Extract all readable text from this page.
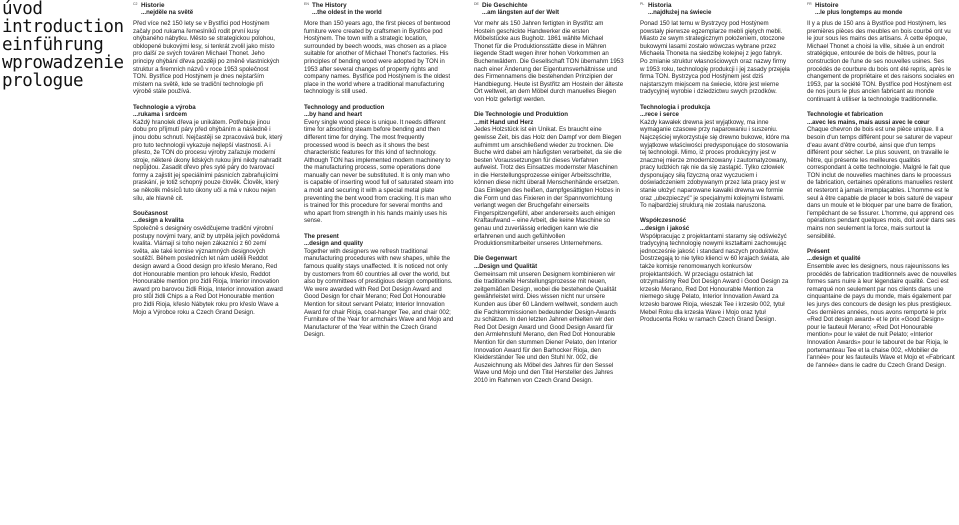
úvod
introduction
einführung
wprowadzenie
prologue
C2 Historie
...nejděle na světě

Před více než 150 lety se v Bystřici pod Hostýnem začaly pod rukama řemeslníků rodit první kusy ohýbaného nábytku. Město se strategickou polohou, obklopené bukovými lesy, si tenkrát zvolil jako místo pro další ze svých továren Michael Thonet. Jeho principy ohýbání dřeva později po změně vlastnických struktur a firemních názvů v roce 1953 společnost TON. Bystřice pod Hostýnem je dnes nejstarším místem na světě, kde se tradiční technologie při výrobě stále používá.

Technologie a výroba
...rukama i srdcem

Každý hranolek dřeva je unikátem. Potřebuje jinou dobu pro příjmutí páry před ohýbáním a následně i jinou dobu schnutí. Nejčastěji se zpracovává buk, který pro tuto technologii vykazuje nejlepší vlastnosti. A i přesto, že TON do procesu výroby zařazuje moderní stroje, některé úkony lidských rukou jimi nikdy nahradit nepůjdou. Zasadit dřevo přes syté páry do tvarovací formy a zajistit jej speciálními pásnicích zabraňujícími praskání, je totiž schopný pouze člověk. Člověk, který se několik měsíců tuto úkony učí a má v rukou nejen sílu, ale hlavně cit.

Současnost
...design a kvalita

Společně s designéry osvědčujeme tradiční výrobní postupy novými tvary, aniž by utrpěla jejich povědomá kvalita. Vlámají si toho nejen zákazníci z 60 zemí světa, ale také komise významných designových soutěží. Během posledních let nám udělili Reddot design award a Good design pro křeslo Merano, Red dot Honourable mention pro lehouk křeslo, Reddot Honourable mention pro židli Rioja, Interior innovation award pro barovou židli Rioja, Interior innovation award pro stůl židli Chips a a Red Dot Honourable mention pro židli Rioja, křeslo Nábytek roku pro křeslo Wave a Mojo a Výrobce roku a Czech Grand Design.

EN The History
...the oldest in the world

More than 150 years ago, the first pieces of bentwood furniture were created by craftsmen in Bystřice pod Hostýnem. The town with a strategic location, surrounded by beech woods, was chosen as a place suitable for another of Michael Thonet's factories. His principles of bending wood were adopted by TON in 1953 after several changes of property rights and company names. Bystřice pod Hostýnem is the oldest place in the world where a traditional manufacturing technology is still used.

Technology and production
...by hand and heart

Every single wood piece is unique. It needs different time for absorbing steam before bending and then different time for drying. The most frequently processed wood is beech as it shows the best characteristic features for this kind of technology. Although TON has implemented modern machinery to the manufacturing process, some operations done manually can never be substituted. It is only man who is capable of inserting wood full of saturated steam into a mold and securing it with a special metal plate preventing the bent wood from cracking. It is man who is trained for this procedure for several months and who apart from strength in his hands mainly uses his sense.

The present
...design and quality

Together with designers we refresh traditional manufacturing procedures with new shapes, while the famous quality stays unaffected. It is noticed not only by customers from 60 countries all over the world, but also by committees of prestigious design competitions. We were awarded with Red Dot Design Award and Good Design for chair Merano; Red Dot Honourable Mention for sitout servant Pelato; Interior Innovation Award for chair Rioja, coat-hanger Tee, and chair 002; Furniture of the Year for armchairs Wave and Mojo and Manufacturer of the Year within the Czech Grand Design.

DE Die Geschichte
...am längsten auf der Welt

Vor mehr als 150 Jahren fertigten in Bystřitz am Hostein geschickte Handwerker die ersten Möbelstücke aus Bugholz. 1861 wählte Michael Thonet für die Produktionsstätte diese in Mähren liegende Stadt wegen ihrer hohen Vorkommen an Buchenwäldern. Die Gesellschaft TON übernahm 1953 nach einer Änderung der Eigentumsverhältnisse und des Firmennamens die bestehenden Prinzipien der Handbiegung. Heute ist Bystřitz am Hostein der älteste Ort weltweit, an dem Möbel durch manuelles Biegen von Holz gefertigt werden.

Die Technologie und Produktion
...mit Hand und Herz

Jedes Holzstück ist ein Unikat. Es braucht eine gewisse Zeit, bis das Holz den Dampf vor dem Biegen aufnimmt um anschließend wieder zu trocknen. Die Buche wird dabei am häufigsten verarbeitet, da sie die besten Voraussetzungen für dieses Verfahren aufweist. Trotz des Einsatzes modernster Maschinen in die Herstellungsprozesse einiger Arbeitsschritte, können diese nicht überall Menschenhände ersetzen. Das Einlegen des heißen, dampfgesättigten Holzes in die Form und das Fixieren in der Spannvorrichtung verlangt wegen der Bruchgefahr einerseits Fingerspitzengefühl, aber andererseits auch einigen Kraftaufwand – eine Arbeit, die keine Maschine so genau und zuverlässig erledigen kann wie die erfahrenen und auch gefühlvollen Produktionsmitarbeiter unseres Unternehmens.

Die Gegenwart
...Design und Qualität

Gemeinsam mit unseren Designern kombinieren wir die traditionelle Herstellungsprozesse mit neuen, zeitgemäßen Design, wobei die bestehende Qualität gewährleistet wird. Dies wissen nicht nur unsere Kunden aus über 60 Ländern weltweit, sondern auch die Fachkommissionen bedeutender Design-Awards zu schätzen. In den letzten Jahren erhielten wir den Red Dot Design Award und Good Design Award für den Armlehnstuhl Merano, den Red Dot Honourable Mention für den stummen Diener Pelato, den Interior Innovation Award für den Barhocker Rioja, den Kleiderständer Tee und den Stuhl Nr. 002, die Auszeichnung als Möbel des Jahres für den Sessel Wave und Mojo und den Titel Hersteller des Jahres 2010 im Rahmen von Czech Grand Design.

PL Historia
...najdłużej na świecie

Ponad 150 lat temu w Bystrzycy pod Hostýnem powstały pierwsze egzemplarze mebli giętych mebli. Miasto ze swym strategicznym położeniem, otoczone bukowymi lasami zostało wówczas wybrane przez Michaela Thoneta na siedzibę kolejnej z jego fabryk. Po zmianie struktur własnościowych oraz nazwy firmy w 1953 roku, technologię produkcji i jej zasady przejęła firma TON. Bystrzyca pod Hostýnem jest dziś najstarszym miejscem na świecie, które jest wierne tradycyjnej wyrobie i dziedzictwu swych przodków.

Technologia i produkcja
...rece i serce

Każdy kawałek drewna jest wyjątkowy, ma inne wymaganie czasowe przy naparowaniu i suszeniu. Najczęściej wykorzystuje się drewno bukowe, które ma wyjątkowe właściwości predysponujące do stosowania tej technologii. Mimo, iż proces produkcyjny jest w znacznej mierze zmodernizowany i zautomatyzowany, pracy ludzkich rąk nie da się zastąpić. Tylko człowiek dysponujący siłą fizyczną oraz wyczuciem i doświadczeniem zdobywanym przez lata pracy jest w stanie ułożyć naparowane kawałki drewna we formie oraz „ubezpieczyć" je specjalnymi kolejnymi listwami. To najbardziej strukturą nie została naruszona.

Współczesność
...design i jakość

Współpracując z projektantami staramy się odświeżyć tradycyjną technologię nowymi kształtami zachowując jednocześnie jakość i standard naszych produktów. Dostrzegają to nie tylko klienci w 60 krajach świata, ale także komisje renomowanych konkursów projektantskich. W przeciągu ostatnich lat otrzymaliśmy Red Dot Design Award i Good Design za krzesło Merano, Red Dot Honourable Mention za niemego sługę Pelato, Interior Innovation Award za krzesło barowe Rioja, wieszak Tee i krzesło 002, tytuł Mebel Roku dla krzesła Wave i Mojo oraz tytuł Producenta Roku w ramach Czech Grand Design.

FR Histoire
...le plus longtemps au monde

Il y a plus de 150 ans à Bystřice pod Hostýnem, les premières pièces des meubles en bois courbé ont vu le jour sous les mains des artisans. À cette époque, Michael Thonet a choisi la ville, située à un endroit stratégique, entourée de bois de hêtres, pour la construction de l'une de ses nouvelles usines. Ses procédés de courbure du bois ont été repris, après le changement de propriétaire et des raisons sociales en 1953, par la société TON. Bystřice pod Hostýnem est de nos jours le plus ancien fabricant au monde continuant à utiliser la technologie traditionnelle.

Technologie et fabrication
...avec les mains, mais aussi avec le cœur

Chaque chevron de bois est une pièce unique. Il a besoin d'un temps différent pour se saturer de vapeur d'eau avant d'être courbé, ainsi que d'un temps différent pour sécher. Le plus souvent, on travaille le hêtre, qui présente les meilleures qualités correspondant à cette technologie. Malgré le fait que TON inclut de nouvelles machines dans le processus de fabrication, certaines opérations manuelles restent et resteront à jamais irremplaçables. L'homme est le seul à être capable de placer le bois saturé de vapeur dans un moule et le bloquer par une barre de fixation, l'empêchant de se fissurer. L'homme, qui apprend ces opérations pendant quelques mois, doit avoir dans ses mains non seulement la force, mais surtout la sensibilité.

Présent
...design et qualité

Ensemble avec les designers, nous rajeunissons les procédés de fabrication traditionnels avec de nouvelles formes sans nuire à leur légendaire qualité. Ceci est remarqué non seulement par nos clients dans une cinquantaine de pays du monde, mais également par les jurys des concours de design les plus prestigieux. Ces dernières années, nous avons remporté le prix «Red Dot design award» et le prix «Good Design» pour le fauteuil Merano; «Red Dot Honourable mention» pour le valet de nuit Pelato; «Interior Innovation Awards» pour le tabouret de bar Rioja, le portemanteau Tee et la chaise 002, «Mobilier de l'année» pour les fauteuils Wave et Mojo et «Fabricant de l'année» dans le cadre du Czech Grand Design.
